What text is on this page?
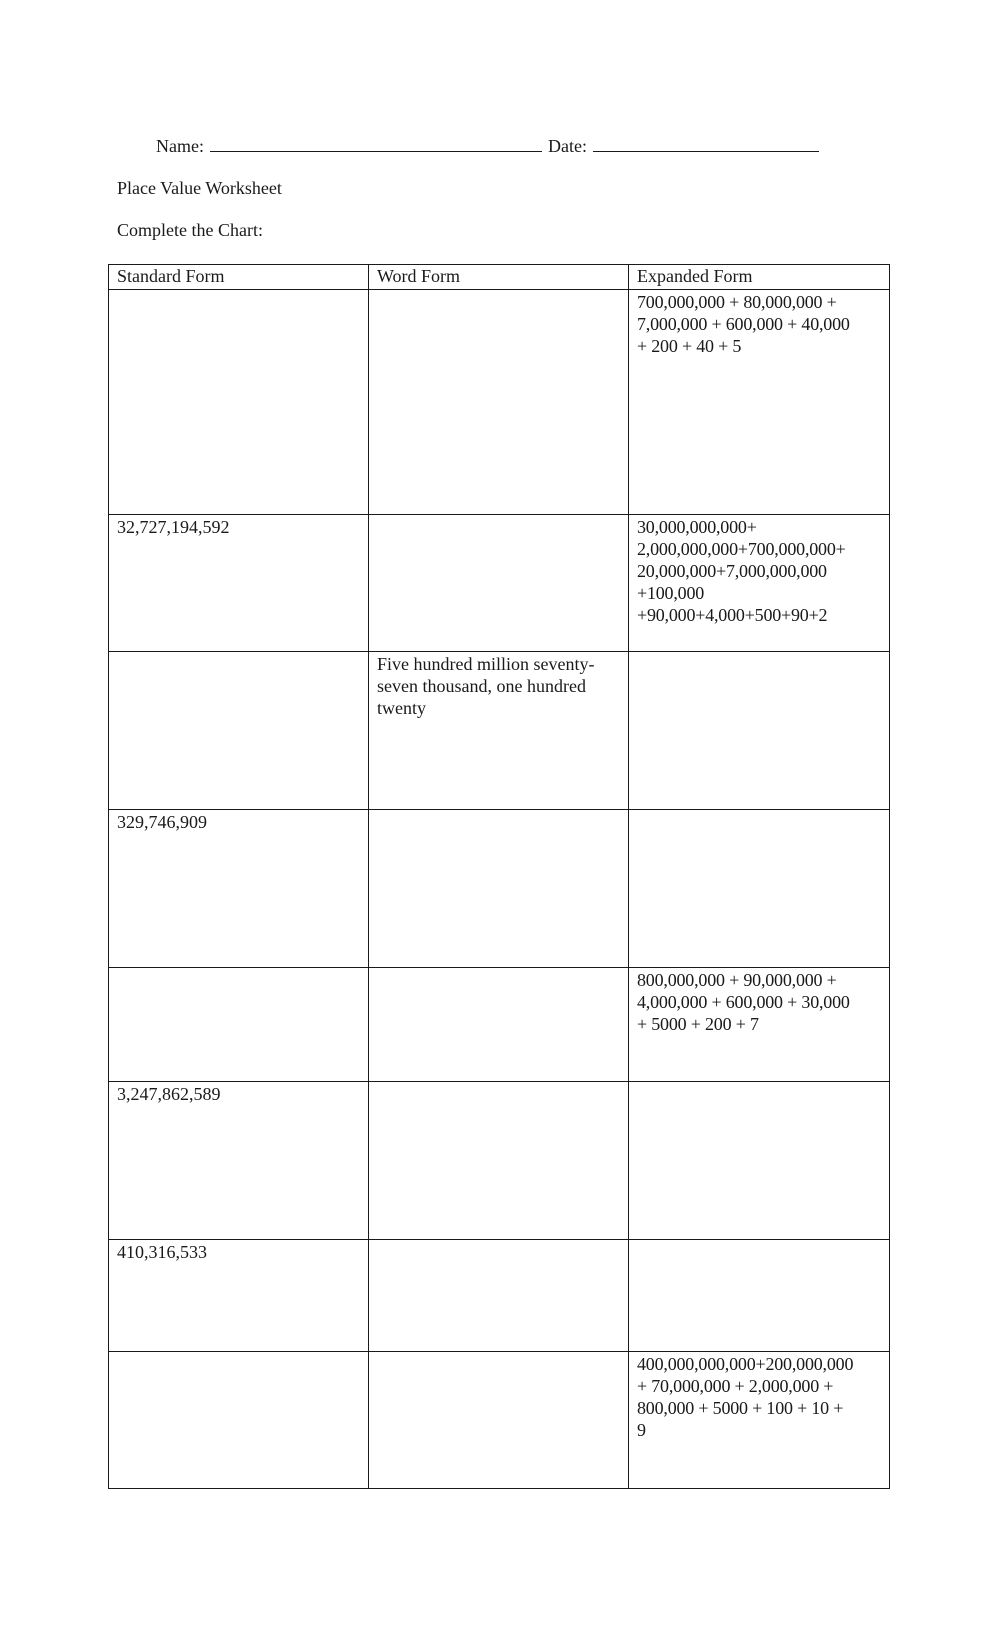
Name:	Date:
Place Value Worksheet
Complete the Chart:
Standard Form	Word Form	Expanded Form
		700,000,000 + 80,000,000 +
7,000,000 + 600,000 + 40,000
+ 200 + 40 + 5
32,727,194,592		30,000,000,000+
2,000,000,000+700,000,000+
20,000,000+7,000,000,000
+100,000
+90,000+4,000+500+90+2
	Five hundred million seventy-
seven thousand, one hundred
twenty	
329,746,909		
		800,000,000 + 90,000,000 +
4,000,000 + 600,000 + 30,000
+ 5000 + 200 + 7
3,247,862,589		
410,316,533		
		400,000,000,000+200,000,000
+ 70,000,000 + 2,000,000 +
800,000 + 5000 + 100 + 10 +
9
